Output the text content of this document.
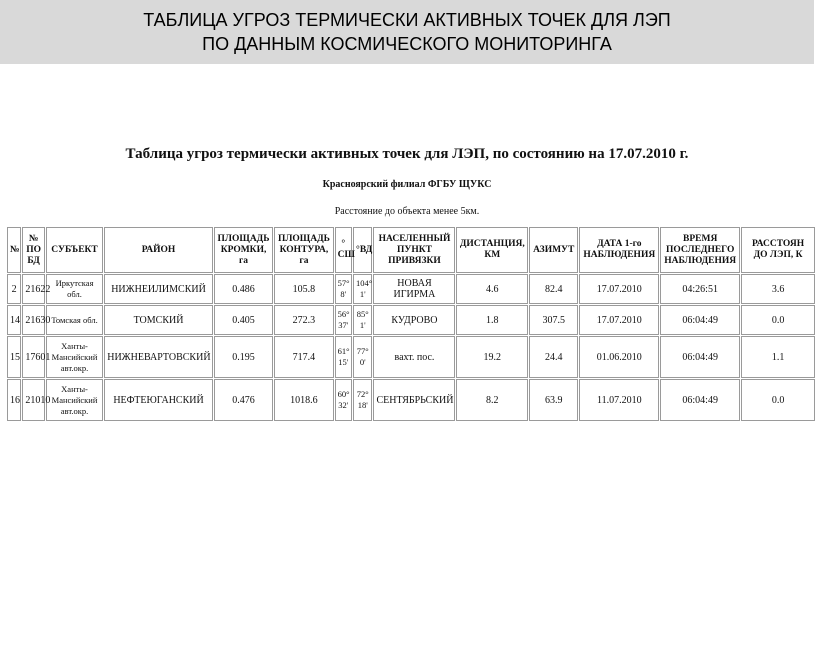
ТАБЛИЦА УГРОЗ ТЕРМИЧЕСКИ АКТИВНЫХ ТОЧЕК ДЛЯ ЛЭП
ПО ДАННЫМ КОСМИЧЕСКОГО МОНИТОРИНГА
Таблица угроз термически активных точек для ЛЭП, по состоянию на 17.07.2010 г.
Красноярский филиал ФГБУ ЩУКС
Расстояние до объекта менее 5км.
№	№ ПО БД	СУБЪЕКТ	РАЙОН	ПЛОЩАДЬ КРОМКИ, га	ПЛОЩАДЬ КОНТУРА, га	° СШ	°ВД	НАСЕЛЕННЫЙ ПУНКТ ПРИВЯЗКИ	ДИСТАНЦИЯ, КМ	АЗИМУТ	ДАТА 1-го НАБЛЮДЕНИЯ	ВРЕМЯ ПОСЛЕДНЕГО НАБЛЮДЕНИЯ	РАССТОЯН ДО ЛЭП, К
2	21622	Иркутская обл.	НИЖНЕИЛИМСКИЙ	0.486	105.8	57° 8'	104° 1'	НОВАЯ ИГИРМА	4.6	82.4	17.07.2010	04:26:51	3.6
14	21630	Томская обл.	ТОМСКИЙ	0.405	272.3	56° 37'	85° 1'	КУДРОВО	1.8	307.5	17.07.2010	06:04:49	0.0
15	17601	Ханты-Мансийский авт.окр.	НИЖНЕВАРТОВСКИЙ	0.195	717.4	61° 15'	77° 0'	вахт. пос.	19.2	24.4	01.06.2010	06:04:49	1.1
16	21010	Ханты-Мансийский авт.окр.	НЕФТЕЮГАНСКИЙ	0.476	1018.6	60° 32'	72° 18'	СЕНТЯБРЬСКИЙ	8.2	63.9	11.07.2010	06:04:49	0.0
